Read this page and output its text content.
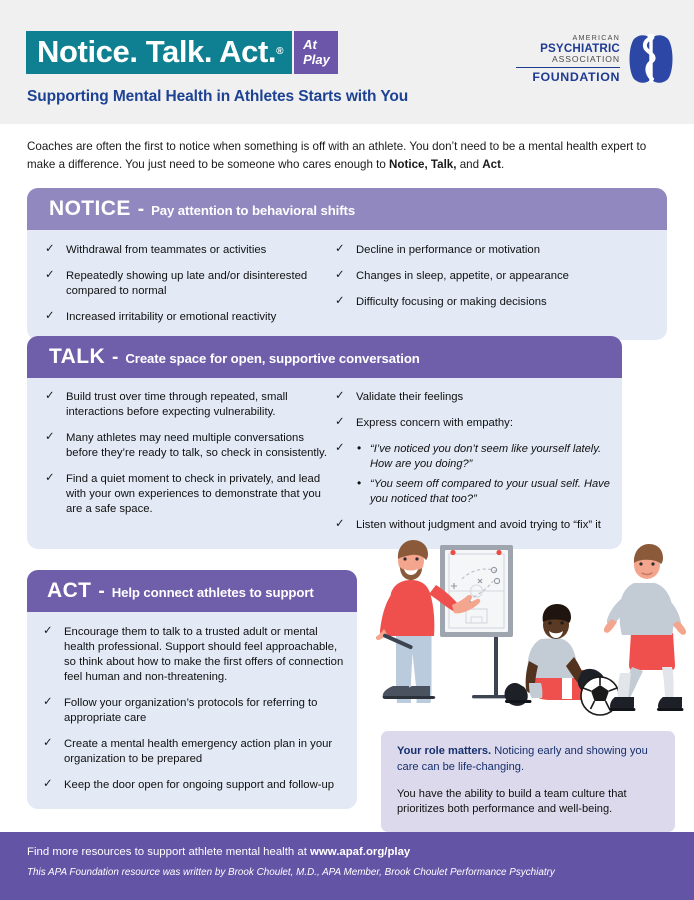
Notice. Talk. Act. ® At
Play
Supporting Mental Health in Athletes Starts with You
AMERICAN
PSYCHIATRIC
ASSOCIATION
FOUNDATION
Coaches are often the first to notice when something is off with an athlete. You don’t need to be a mental health expert to make a difference. You just need to be someone who cares enough to Notice, Talk, and Act.
NOTICE - Pay attention to behavioral shifts
✓ Withdrawal from teammates or activities
✓ Repeatedly showing up late and/or disinterested compared to normal
✓ Increased irritability or emotional reactivity
✓ Decline in performance or motivation
✓ Changes in sleep, appetite, or appearance
✓ Difficulty focusing or making decisions
TALK - Create space for open, supportive conversation
✓ Build trust over time through repeated, small interactions before expecting vulnerability.
✓ Many athletes may need multiple conversations before they’re ready to talk, so check in consistently.
✓ Find a quiet moment to check in privately, and lead with your own experiences to demonstrate that you are a safe space.
✓ Validate their feelings
✓ Express concern with empathy:
• ✓ “I’ve noticed you don’t seem like yourself lately. How are you doing?”
• “You seem off compared to your usual self. Have you noticed that too?”
✓ Listen without judgment and avoid trying to “fix” it
ACT - Help connect athletes to support
✓ Encourage them to talk to a trusted adult or mental health professional. Support should feel approachable, so think about how to make the first offers of connection feel human and non-threatening.
✓ Follow your organization’s protocols for referring to appropriate care
✓ Create a mental health emergency action plan in your organization to be prepared
✓ Keep the door open for ongoing support and follow-up

Your role matters. Noticing early and showing you care can be life-changing.

You have the ability to build a team culture that prioritizes both performance and well-being.

Find more resources to support athlete mental health at www.apaf.org/play
This APA Foundation resource was written by Brook Choulet, M.D., APA Member, Brook Choulet Performance Psychiatry
